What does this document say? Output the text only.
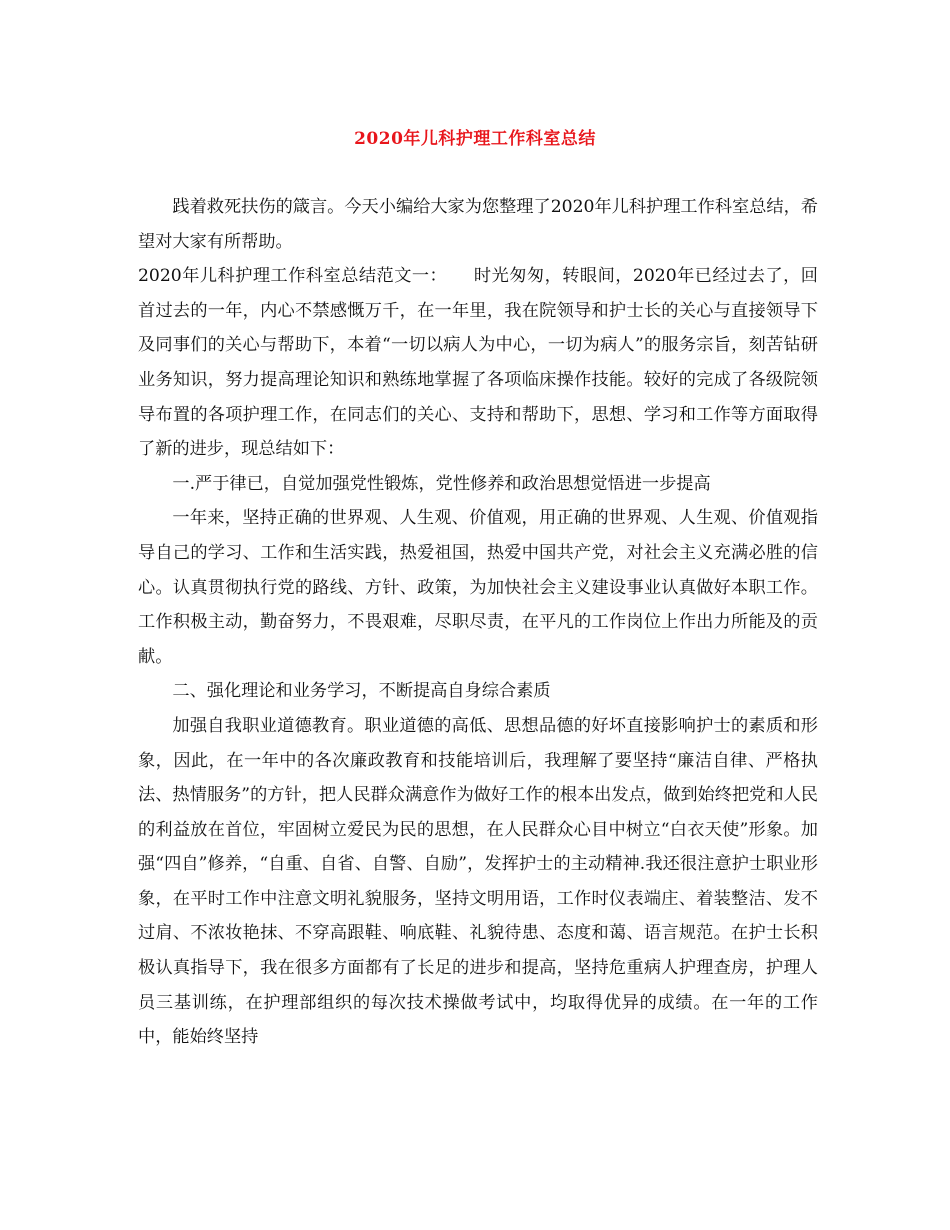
2020年儿科护理工作科室总结

践着救死扶伤的箴言。今天小编给大家为您整理了2020年儿科护理工作科室总结，希望对大家有所帮助。

2020年儿科护理工作科室总结范文一：　　时光匆匆，转眼间，2020年已经过去了，回首过去的一年，内心不禁感慨万千，在一年里，我在院领导和护士长的关心与直接领导下及同事们的关心与帮助下，本着“一切以病人为中心，一切为病人”的服务宗旨，刻苦钻研业务知识，努力提高理论知识和熟练地掌握了各项临床操作技能。较好的完成了各级院领导布置的各项护理工作，在同志们的关心、支持和帮助下，思想、学习和工作等方面取得了新的进步，现总结如下：

一.严于律已，自觉加强党性锻炼，党性修养和政治思想觉悟进一步提高

一年来，坚持正确的世界观、人生观、价值观，用正确的世界观、人生观、价值观指导自己的学习、工作和生活实践，热爱祖国，热爱中国共产党，对社会主义充满必胜的信心。认真贯彻执行党的路线、方针、政策，为加快社会主义建设事业认真做好本职工作。工作积极主动，勤奋努力，不畏艰难，尽职尽责，在平凡的工作岗位上作出力所能及的贡献。

二、强化理论和业务学习，不断提高自身综合素质

加强自我职业道德教育。职业道德的高低、思想品德的好坏直接影响护士的素质和形象，因此，在一年中的各次廉政教育和技能培训后，我理解了要坚持“廉洁自律、严格执法、热情服务”的方针，把人民群众满意作为做好工作的根本出发点，做到始终把党和人民的利益放在首位，牢固树立爱民为民的思想，在人民群众心目中树立“白衣天使”形象。加强“四自”修养，“自重、自省、自警、自励”，发挥护士的主动精神.我还很注意护士职业形象，在平时工作中注意文明礼貌服务，坚持文明用语，工作时仪表端庄、着装整洁、发不过肩、不浓妆艳抹、不穿高跟鞋、响底鞋、礼貌待患、态度和蔼、语言规范。在护士长积极认真指导下，我在很多方面都有了长足的进步和提高，坚持危重病人护理查房，护理人员三基训练，在护理部组织的每次技术操做考试中，均取得优异的成绩。在一年的工作中，能始终坚持
